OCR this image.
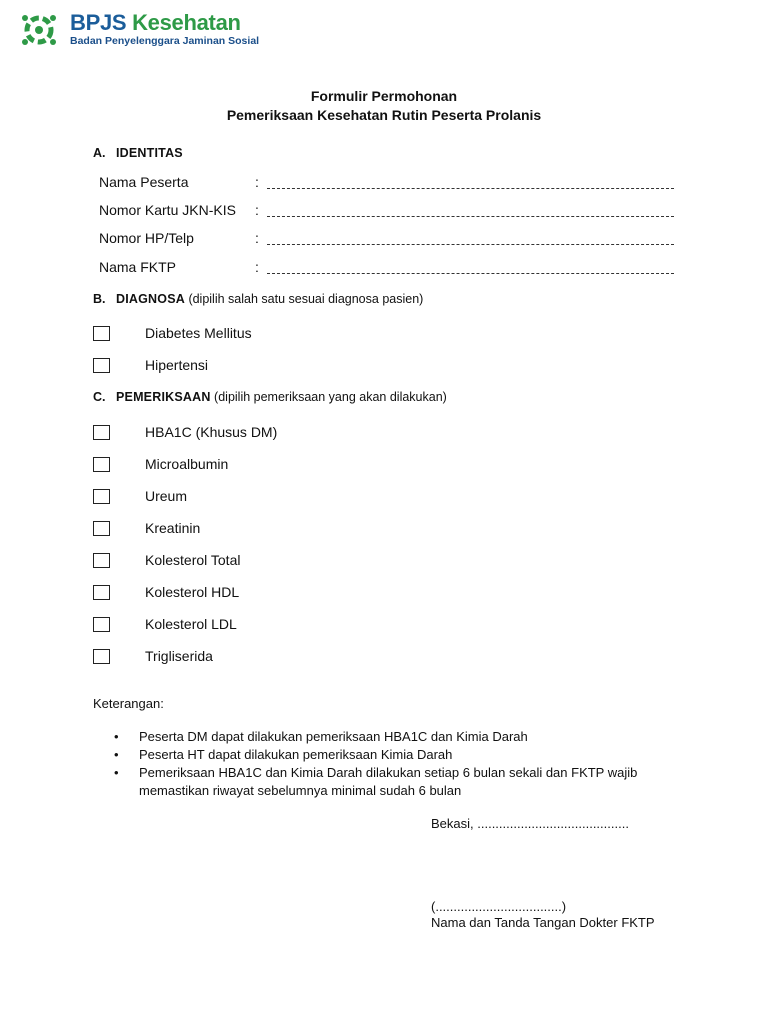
BPJS Kesehatan
Badan Penyelenggara Jaminan Sosial
Formulir Permohonan
Pemeriksaan Kesehatan Rutin Peserta Prolanis
A. IDENTITAS
Nama Peserta	:
Nomor Kartu JKN-KIS :
Nomor HP/Telp	:
Nama FKTP	:
B. DIAGNOSA (dipilih salah satu sesuai diagnosa pasien)
Diabetes Mellitus
Hipertensi
C. PEMERIKSAAN (dipilih pemeriksaan yang akan dilakukan)
HBA1C (Khusus DM)
Microalbumin
Ureum
Kreatinin
Kolesterol Total
Kolesterol HDL
Kolesterol LDL
Trigliserida
Keterangan:
• Peserta DM dapat dilakukan pemeriksaan HBA1C dan Kimia Darah
• Peserta HT dapat dilakukan pemeriksaan Kimia Darah
• Pemeriksaan HBA1C dan Kimia Darah dilakukan setiap 6 bulan sekali dan FKTP wajib memastikan riwayat sebelumnya minimal sudah 6 bulan
Bekasi, ..........................................
(...................................)
Nama dan Tanda Tangan Dokter FKTP
